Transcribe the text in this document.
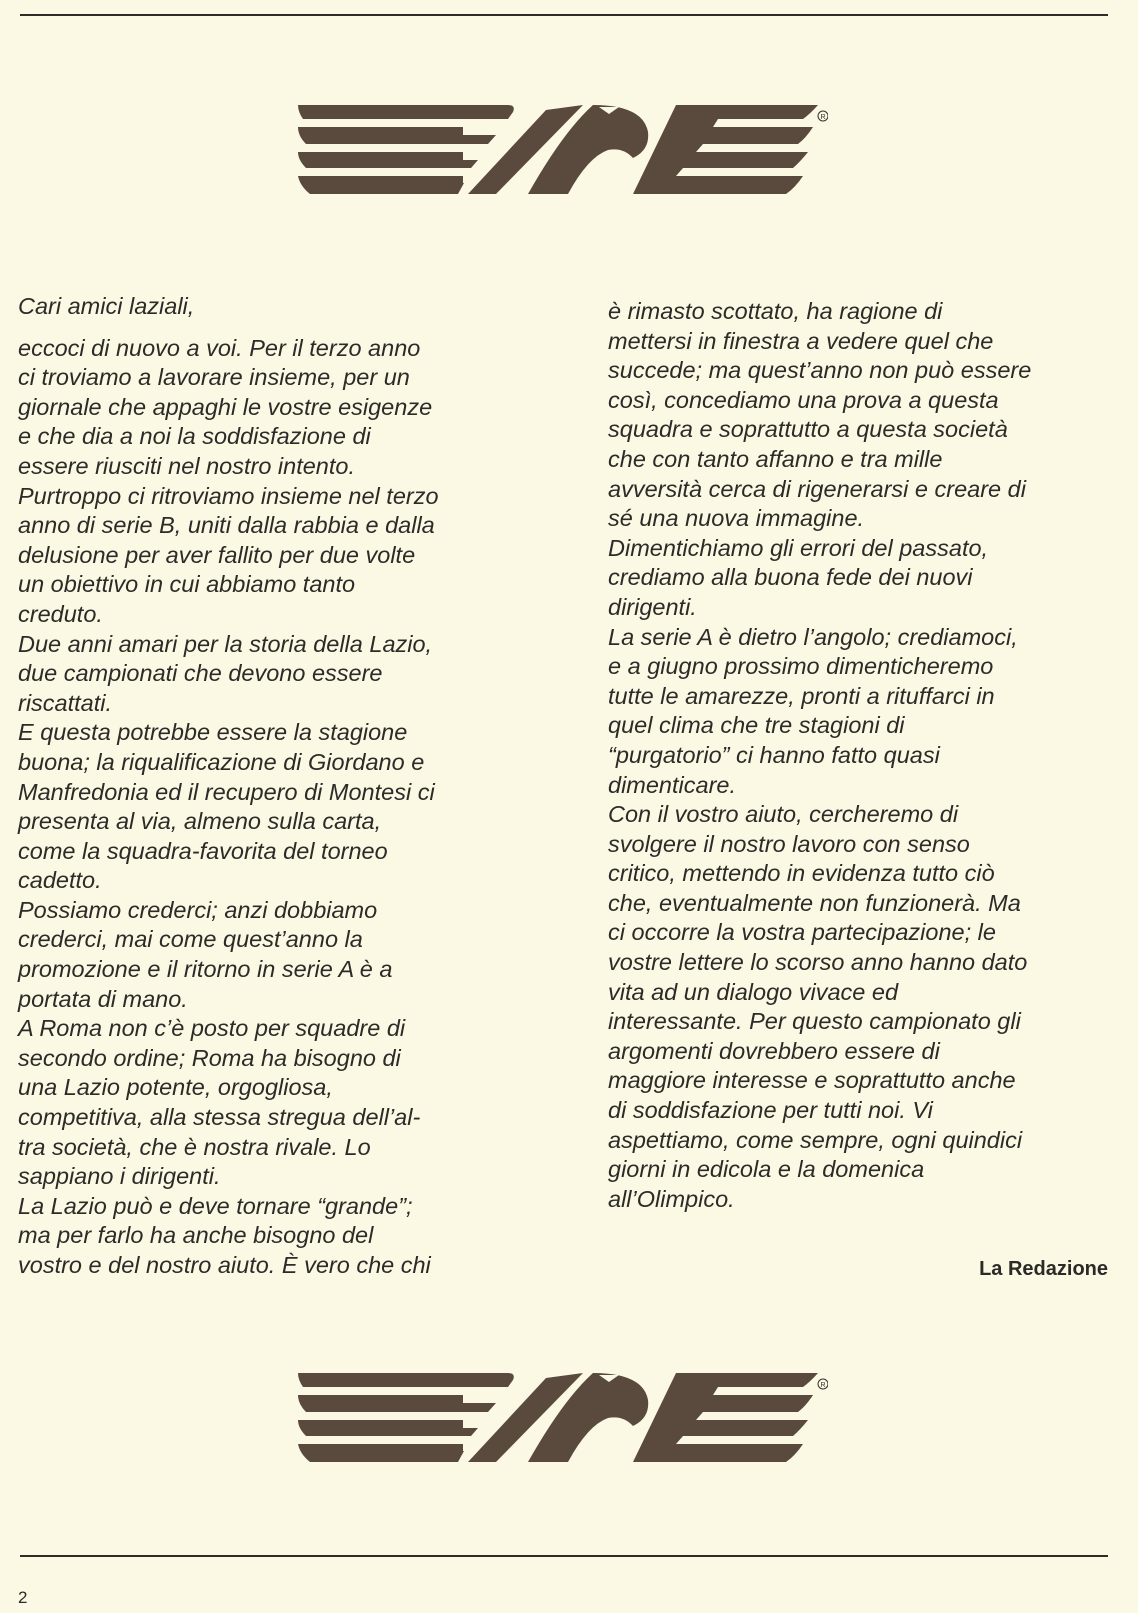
R

Cari amici laziali,

eccoci di nuovo a voi. Per il terzo anno

ci troviamo a lavorare insieme, per un

giornale che appaghi le vostre esigenze

e che dia a noi la soddisfazione di

essere riusciti nel nostro intento.

Purtroppo ci ritroviamo insieme nel terzo

anno di serie B, uniti dalla rabbia e dalla

delusione per aver fallito per due volte

un obiettivo in cui abbiamo tanto

creduto.

Due anni amari per la storia della Lazio,

due campionati che devono essere

riscattati.

E questa potrebbe essere la stagione

buona; la riqualificazione di Giordano e

Manfredonia ed il recupero di Montesi ci

presenta al via, almeno sulla carta,

come la squadra-favorita del torneo

cadetto.

Possiamo crederci; anzi dobbiamo

crederci, mai come quest’anno la

promozione e il ritorno in serie A è a

portata di mano.

A Roma non c’è posto per squadre di

secondo ordine; Roma ha bisogno di

una Lazio potente, orgogliosa,

competitiva, alla stessa stregua dell’al-

tra società, che è nostra rivale. Lo

sappiano i dirigenti.

La Lazio può e deve tornare “grande”;

ma per farlo ha anche bisogno del

vostro e del nostro aiuto. È vero che chi

è rimasto scottato, ha ragione di

mettersi in finestra a vedere quel che

succede; ma quest’anno non può essere

così, concediamo una prova a questa

squadra e soprattutto a questa società

che con tanto affanno e tra mille

avversità cerca di rigenerarsi e creare di

sé una nuova immagine.

Dimentichiamo gli errori del passato,

crediamo alla buona fede dei nuovi

dirigenti.

La serie A è dietro l’angolo; crediamoci,

e a giugno prossimo dimenticheremo

tutte le amarezze, pronti a rituffarci in

quel clima che tre stagioni di

“purgatorio” ci hanno fatto quasi

dimenticare.

Con il vostro aiuto, cercheremo di

svolgere il nostro lavoro con senso

critico, mettendo in evidenza tutto ciò

che, eventualmente non funzionerà. Ma

ci occorre la vostra partecipazione; le

vostre lettere lo scorso anno hanno dato

vita ad un dialogo vivace ed

interessante. Per questo campionato gli

argomenti dovrebbero essere di

maggiore interesse e soprattutto anche

di soddisfazione per tutti noi. Vi

aspettiamo, come sempre, ogni quindici

giorni in edicola e la domenica

all’Olimpico.

La Redazione
R
2
